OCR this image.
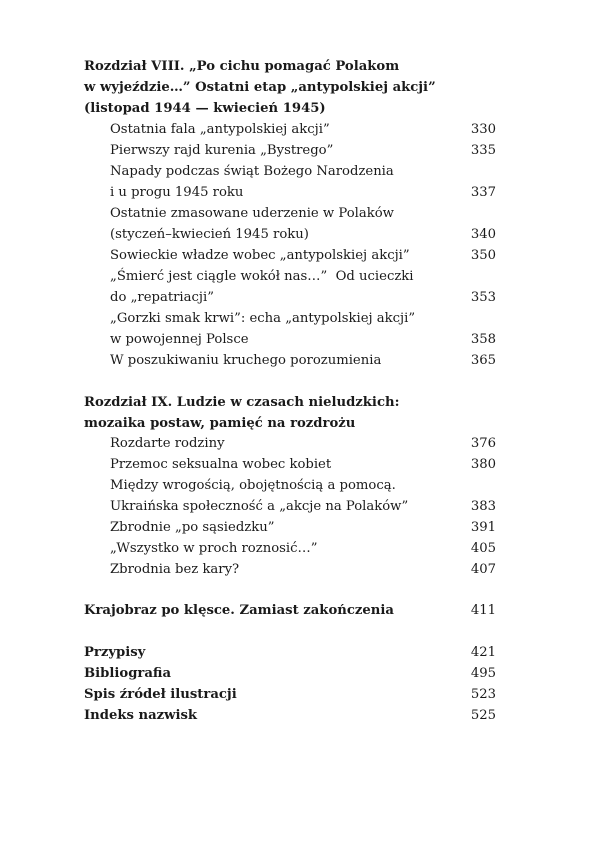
Rozdział VIII. „Po cichu pomagać Polakom
w wyjeździe…” Ostatni etap „antypolskiej akcji”
(listopad 1944 — kwiecień 1945)
Ostatnia fala „antypolskiej akcji”	330
Pierwszy rajd kurenia „Bystrego”	335
Napady podczas świąt Bożego Narodzenia
i u progu 1945 roku	337
Ostatnie zmasowane uderzenie w Polaków
(styczeń–kwiecień 1945 roku)	340
Sowieckie władze wobec „antypolskiej akcji”	350
„Śmierć jest ciągle wokół nas…”  Od ucieczki
do „repatriacji”	353
„Gorzki smak krwi”: echa „antypolskiej akcji”
w powojennej Polsce	358
W poszukiwaniu kruchego porozumienia	365
Rozdział IX. Ludzie w czasach nieludzkich:
mozaika postaw, pamięć na rozdrożu
Rozdarte rodziny	376
Przemoc seksualna wobec kobiet	380
Między wrogością, obojętnością a pomocą.
Ukraińska społeczność a „akcje na Polaków”	383
Zbrodnie „po sąsiedzku”	391
„Wszystko w proch roznosić…”	405
Zbrodnia bez kary?	407
Krajobraz po klęsce. Zamiast zakończenia	411
Przypisy	421
Bibliografia	495
Spis źródeł ilustracji	523
Indeks nazwisk	525
